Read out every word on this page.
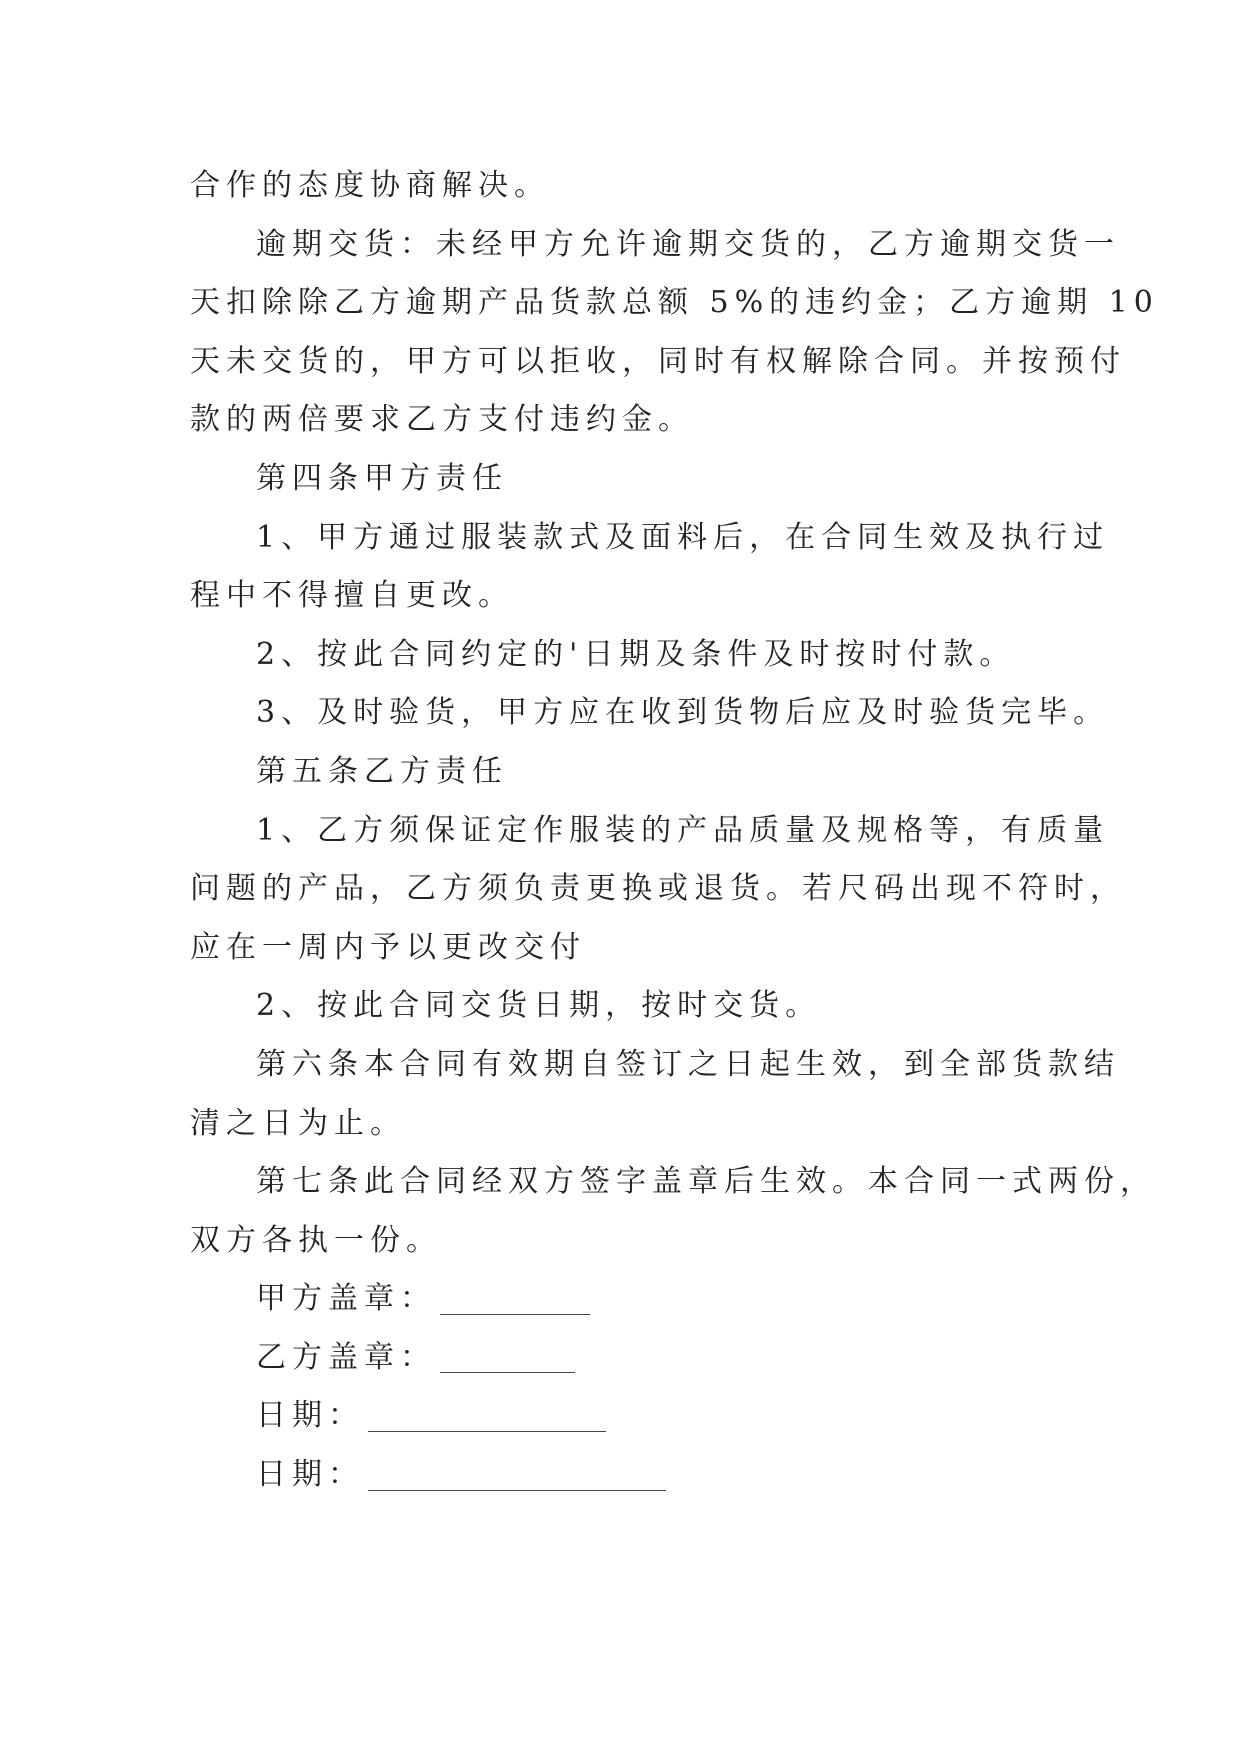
合作的态度协商解决。
逾期交货：未经甲方允许逾期交货的，乙方逾期交货一
天扣除除乙方逾期产品货款总额 5%的违约金；乙方逾期 10
天未交货的，甲方可以拒收，同时有权解除合同。并按预付
款的两倍要求乙方支付违约金。
第四条甲方责任
1、甲方通过服装款式及面料后，在合同生效及执行过
程中不得擅自更改。
2、按此合同约定的'日期及条件及时按时付款。
3、及时验货，甲方应在收到货物后应及时验货完毕。
第五条乙方责任
1、乙方须保证定作服装的产品质量及规格等，有质量
问题的产品，乙方须负责更换或退货。若尺码出现不符时，
应在一周内予以更改交付
2、按此合同交货日期，按时交货。
第六条本合同有效期自签订之日起生效，到全部货款结
清之日为止。
第七条此合同经双方签字盖章后生效。本合同一式两份，
双方各执一份。
甲方盖章：
乙方盖章：
日期：
日期：
